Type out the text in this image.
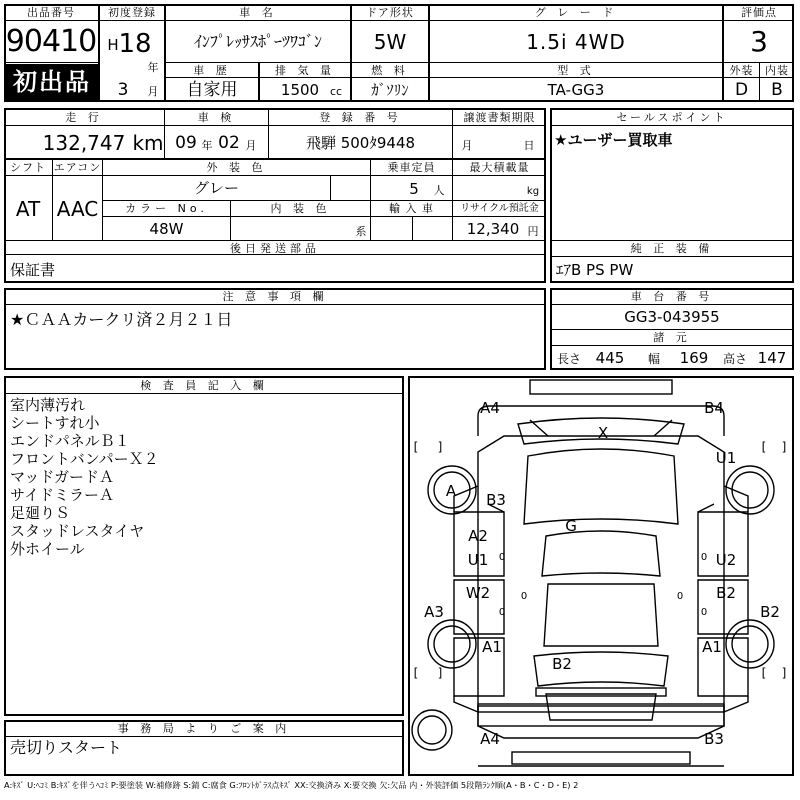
出品番号
90410
初出品
初度登録
H 18
年
3	月
車 名
ｲﾝﾌﾟﾚｯｻｽﾎﾟｰﾂﾜｺﾞﾝ
ドア形状
5W
グ レ ー ド
1.5i 4WD
評価点
3
外装	内装
D	B
車 歴
自家用
排 気 量
1500 cc
燃 料
ｶﾞｿﾘﾝ
型 式
TA-GG3
走 行
132,747 km
車 検
09 年 02 月
登 録 番 号
飛騨 500ﾀ9448
譲渡書類期限
月	日
シフト
AT
エアコン
AAC
外 装 色
グレー
乗車定員
5	人
最大積載量
kg
カラー No.
48W
内 装 色
系
輸 入 車	リサイクル預託金
12,340 円
後日発送部品
保証書
セールスポイント
★ユーザー買取車
純 正 装 備
ｴｱB PS PW
注 意 事 項 欄
★ＣＡＡカークリ済２月２１日
車 台 番 号
GG3-043955
諸 元
長さ 445	幅	169	高さ 147
検 査 員 記 入 欄
室内薄汚れ
シートすれ小
エンドパネルＢ１
フロントバンパーＸ２
マッドガードＡ
サイドミラーＡ
足廻りＳ
スタッドレスタイヤ
外ホイール
事 務 局 よ り ご 案 内
売切りスタート
A4	B4
X
U1
A B3
G
A2
U1	U2
W2	B2
A3	B2
A1	A1
B2
A4	B3
[ ]	[ ]
[ ]	[ ]
0
0
0
0
0	0
A:ｷｽﾞ U:ﾍｺﾐ B:ｷｽﾞを伴うﾍｺﾐ P:要塗装 W:補修跡 S:錆 C:腐食 G:ﾌﾛﾝﾄｶﾞﾗｽ点ｷｽﾞ XX:交換済み X:要交換 欠:欠品 内・外装評価 5段階ﾗﾝｸ順(A・B・C・D・E) 2
